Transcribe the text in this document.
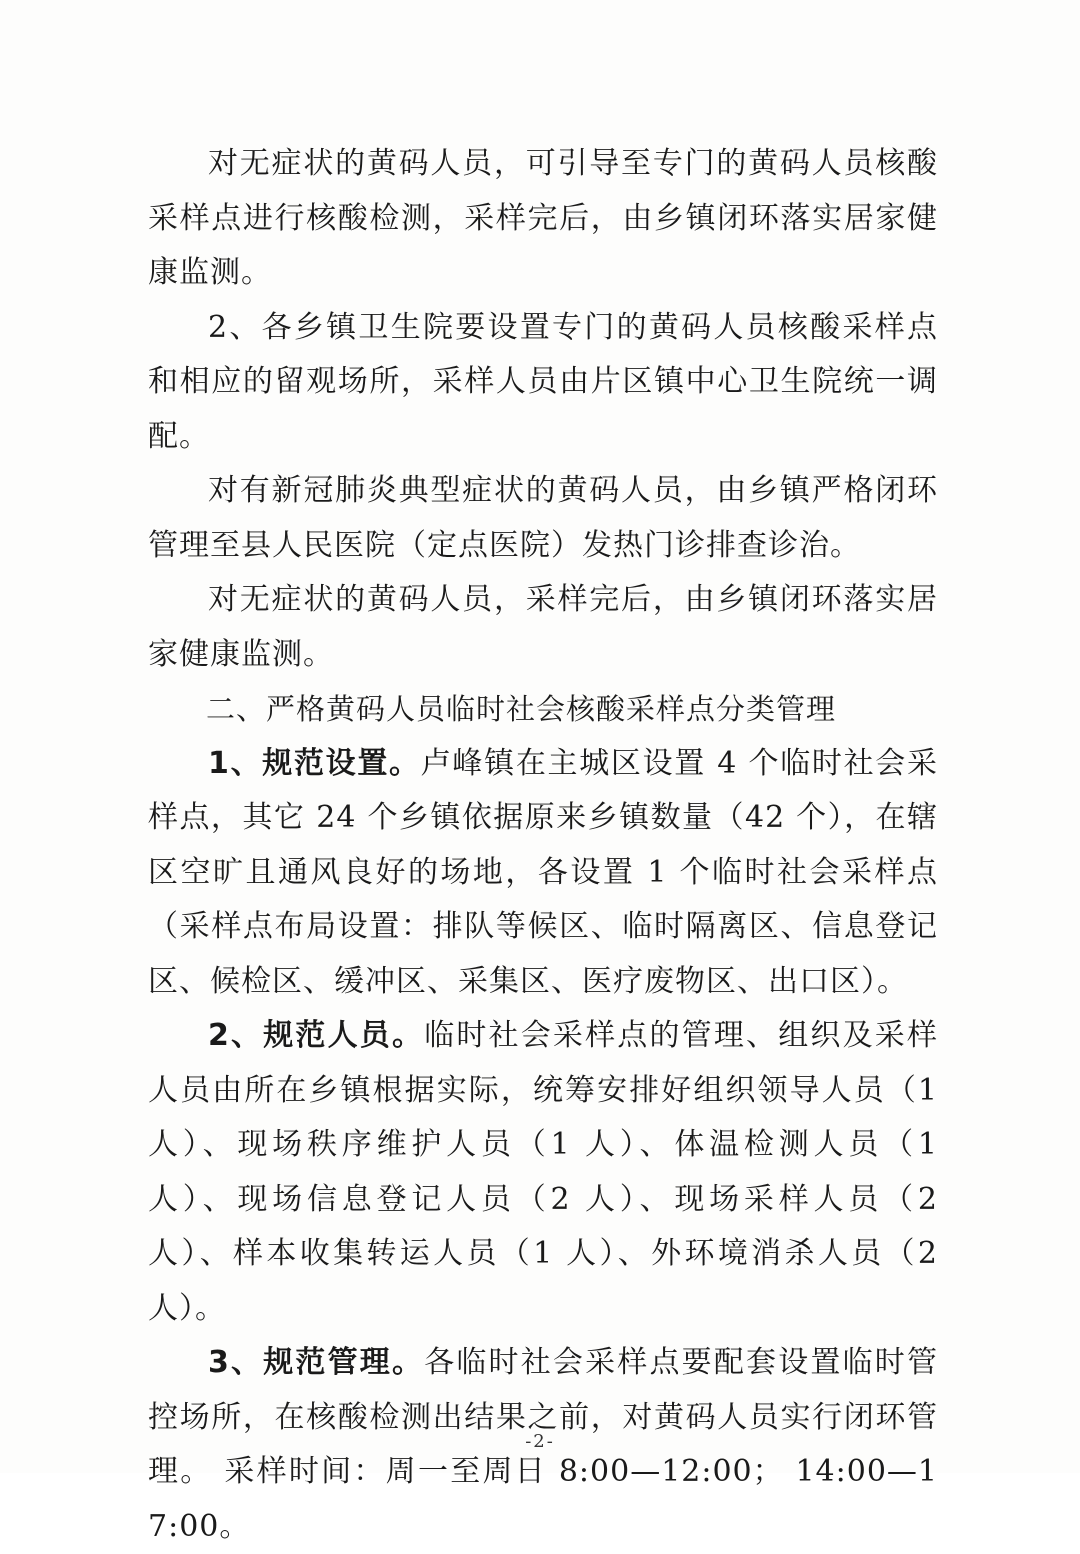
对无症状的黄码人员，可引导至专门的黄码人员核酸采样点进行核酸检测，采样完后，由乡镇闭环落实居家健康监测。

2、各乡镇卫生院要设置专门的黄码人员核酸采样点和相应的留观场所，采样人员由片区镇中心卫生院统一调配。

对有新冠肺炎典型症状的黄码人员，由乡镇严格闭环管理至县人民医院（定点医院）发热门诊排查诊治。

对无症状的黄码人员，采样完后，由乡镇闭环落实居家健康监测。

二、严格黄码人员临时社会核酸采样点分类管理

1、规范设置。卢峰镇在主城区设置 4 个临时社会采样点，其它 24 个乡镇依据原来乡镇数量（42 个），在辖区空旷且通风良好的场地，各设置 1 个临时社会采样点（采样点布局设置：排队等候区、临时隔离区、信息登记区、候检区、缓冲区、采集区、医疗废物区、出口区）。

2、规范人员。临时社会采样点的管理、组织及采样人员由所在乡镇根据实际，统筹安排好组织领导人员（1 人）、现场秩序维护人员（1 人）、体温检测人员（1 人）、现场信息登记人员（2 人）、现场采样人员（2 人）、样本收集转运人员（1 人）、外环境消杀人员（2 人）。

3、规范管理。各临时社会采样点要配套设置临时管控场所，在核酸检测出结果之前，对黄码人员实行闭环管理。 采样时间：周一至周日 8:00—12:00； 14:00—17:00。

-2-
